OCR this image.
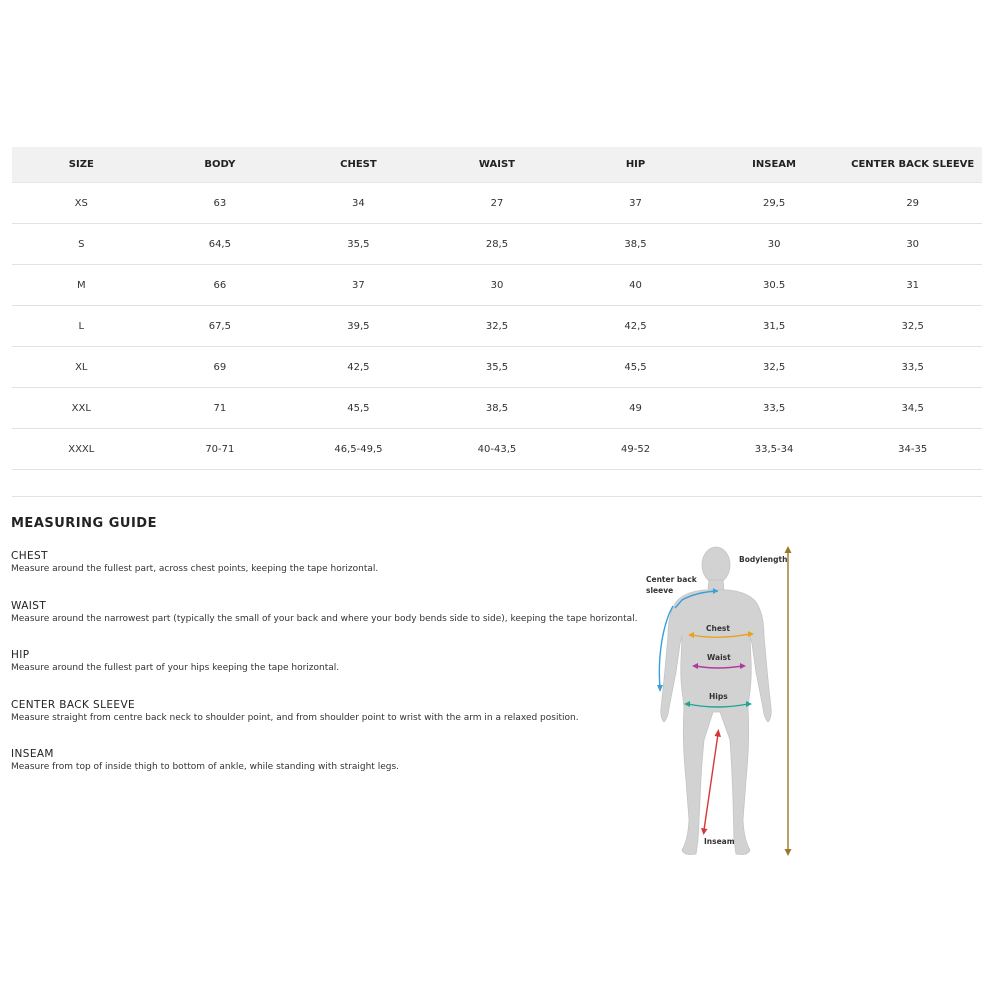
SIZE	BODY	CHEST	WAIST	HIP	INSEAM	CENTER BACK SLEEVE
XS	63	34	27	37	29,5	29
S	64,5	35,5	28,5	38,5	30	30
M	66	37	30	40	30.5	31
L	67,5	39,5	32,5	42,5	31,5	32,5
XL	69	42,5	35,5	45,5	32,5	33,5
XXL	71	45,5	38,5	49	33,5	34,5
XXXL	70-71	46,5-49,5	40-43,5	49-52	33,5-34	34-35
MEASURING GUIDE
CHEST
Measure around the fullest part, across chest points, keeping the tape horizontal.
WAIST
Measure around the narrowest part (typically the small of your back and where your body bends side to side), keeping the tape horizontal.
HIP
Measure around the fullest part of your hips keeping the tape horizontal.
CENTER BACK SLEEVE
Measure straight from centre back neck to shoulder point, and from shoulder point to wrist with the arm in a relaxed position.
INSEAM
Measure from top of inside thigh to bottom of ankle, while standing with straight legs.
Bodylength
Center back
sleeve
Chest
Waist
Hips
Inseam
